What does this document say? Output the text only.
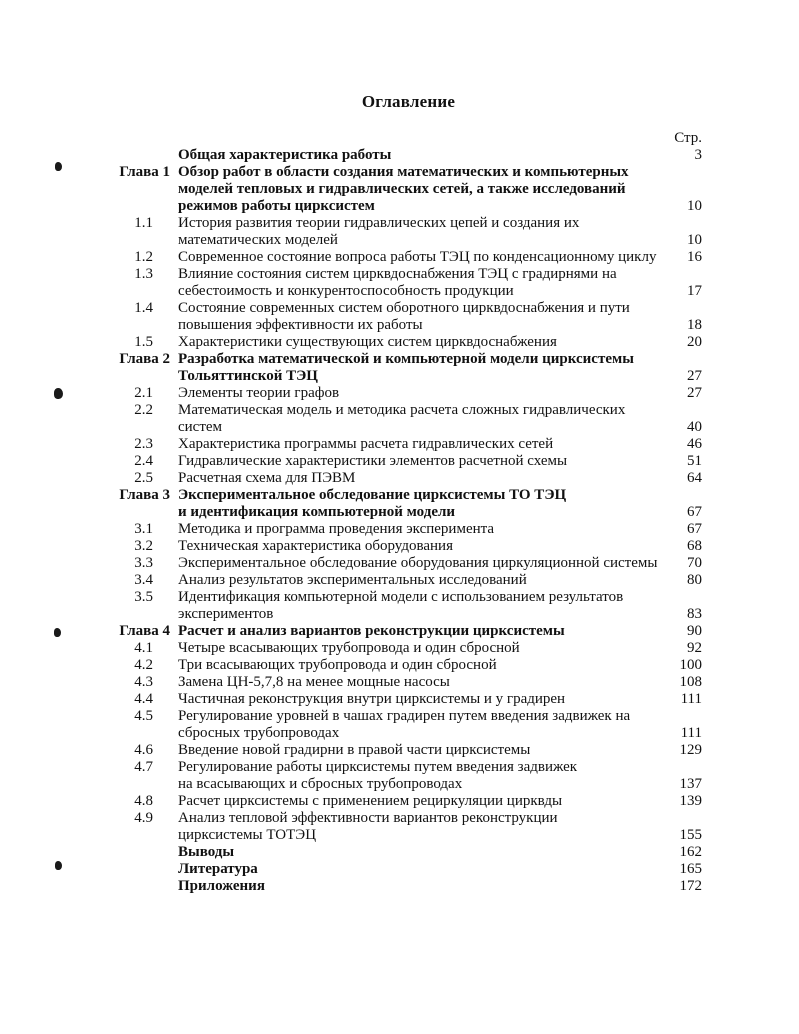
Оглавление
Стр.
Общая характеристика работы	3
Глава 1 Обзор работ в области создания математических и компьютерных
моделей тепловых и гидравлических сетей, а также исследований
режимов работы цирксистем	10
1.1 История развития теории гидравлических цепей и создания их
математических моделей	10
1.2 Современное состояние вопроса работы ТЭЦ по конденсационному циклу	16
1.3 Влияние состояния систем цирквдоснабжения ТЭЦ с градирнями на
себестоимость и конкурентоспособность продукции	17
1.4 Состояние современных систем оборотного цирквдоснабжения и пути
повышения эффективности их работы	18
1.5 Характеристики существующих систем цирквдоснабжения	20
Глава 2 Разработка математической и компьютерной модели цирксистемы
Тольяттинской ТЭЦ	27
2.1 Элементы теории графов	27
2.2 Математическая модель и методика расчета сложных гидравлических
систем	40
2.3 Характеристика программы расчета гидравлических сетей	46
2.4 Гидравлические характеристики элементов расчетной схемы	51
2.5 Расчетная схема для ПЭВМ	64
Глава 3 Экспериментальное обследование цирксистемы ТО ТЭЦ
и идентификация компьютерной модели	67
3.1 Методика и программа проведения эксперимента	67
3.2 Техническая характеристика оборудования	68
3.3 Экспериментальное обследование оборудования циркуляционной системы	70
3.4 Анализ результатов экспериментальных исследований	80
3.5 Идентификация компьютерной модели с использованием результатов
экспериментов	83
Глава 4 Расчет и анализ вариантов реконструкции цирксистемы	90
4.1 Четыре всасывающих трубопровода и один сбросной	92
4.2 Три всасывающих трубопровода и один сбросной	100
4.3 Замена ЦН-5,7,8 на менее мощные насосы	108
4.4 Частичная реконструкция внутри цирксистемы и у градирен	111
4.5 Регулирование уровней в чашах градирен путем введения задвижек на
сбросных трубопроводах	111
4.6 Введение новой градирни в правой части цирксистемы	129
4.7 Регулирование работы цирксистемы путем введения задвижек
на всасывающих и сбросных трубопроводах	137
4.8 Расчет цирксистемы с применением рециркуляции цирквды	139
4.9 Анализ тепловой эффективности вариантов реконструкции
цирксистемы ТОТЭЦ	155
Выводы	162
Литература	165
Приложения	172
